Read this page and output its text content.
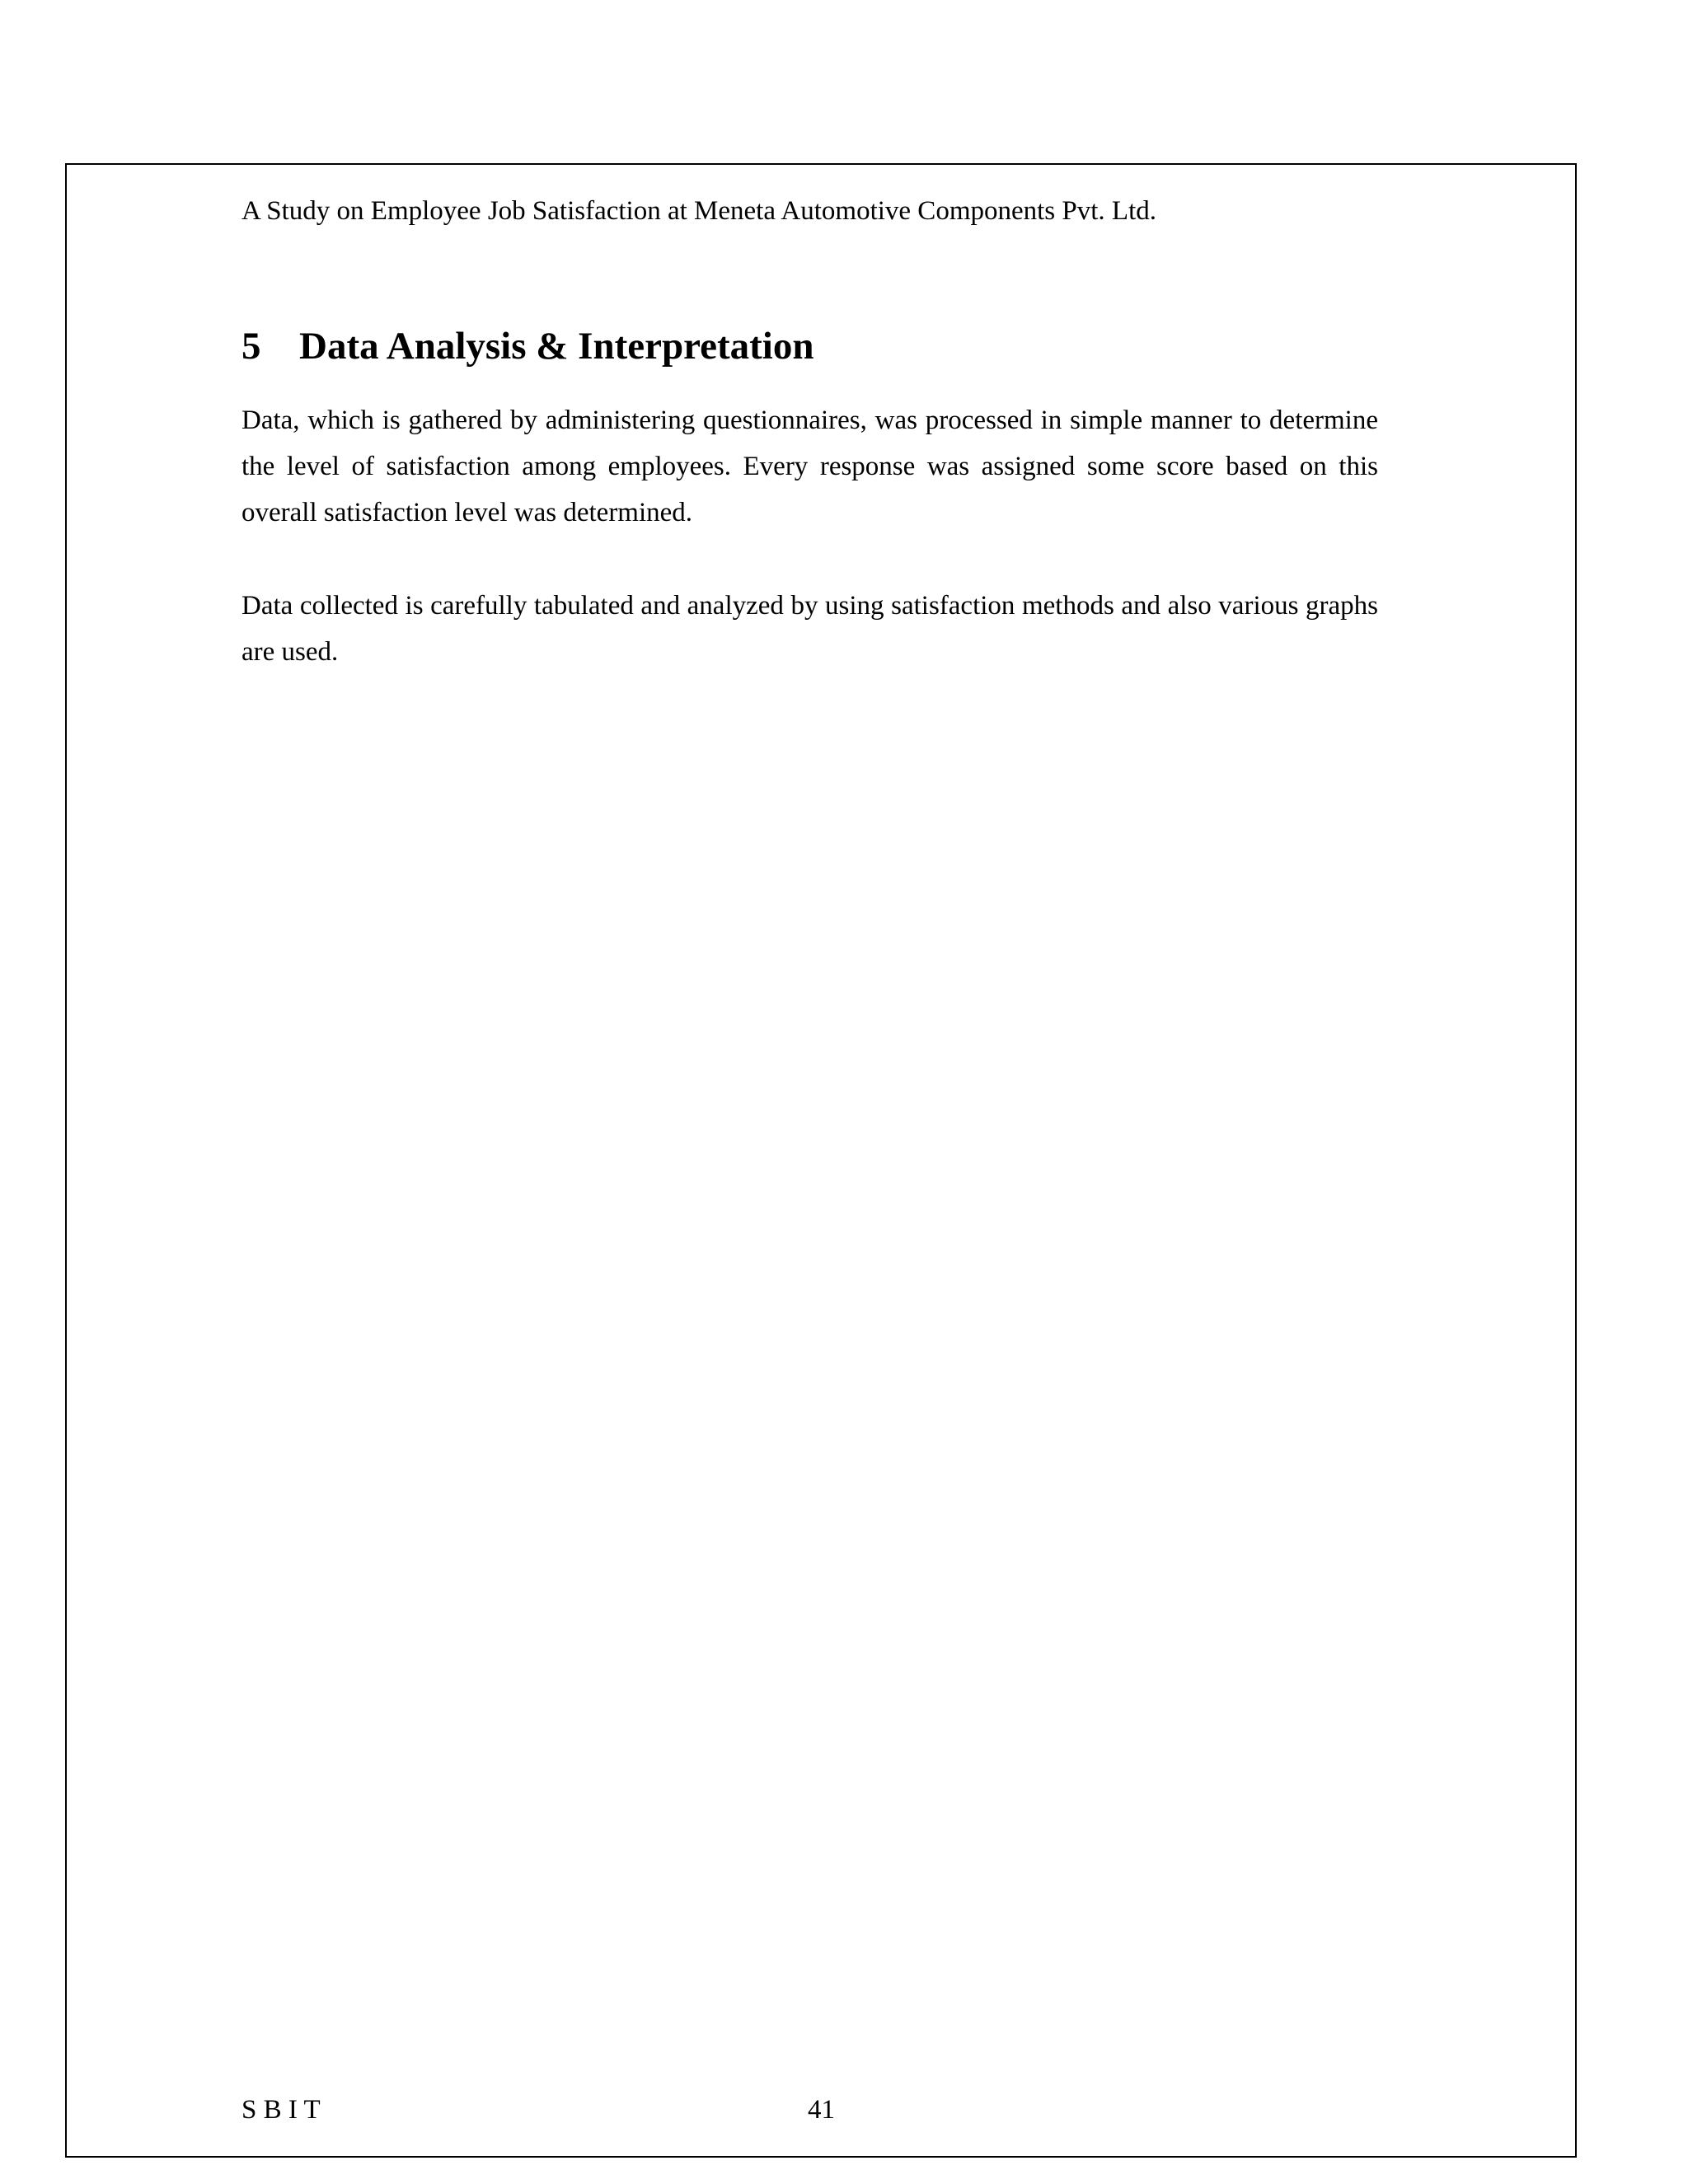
A Study on Employee Job Satisfaction at Meneta Automotive Components Pvt. Ltd.
5 Data Analysis & Interpretation

Data, which is gathered by administering questionnaires, was processed in simple manner to determine the level of satisfaction among employees. Every response was assigned some score based on this overall satisfaction level was determined.

Data collected is carefully tabulated and analyzed by using satisfaction methods and also various graphs are used.

S B I T	41
